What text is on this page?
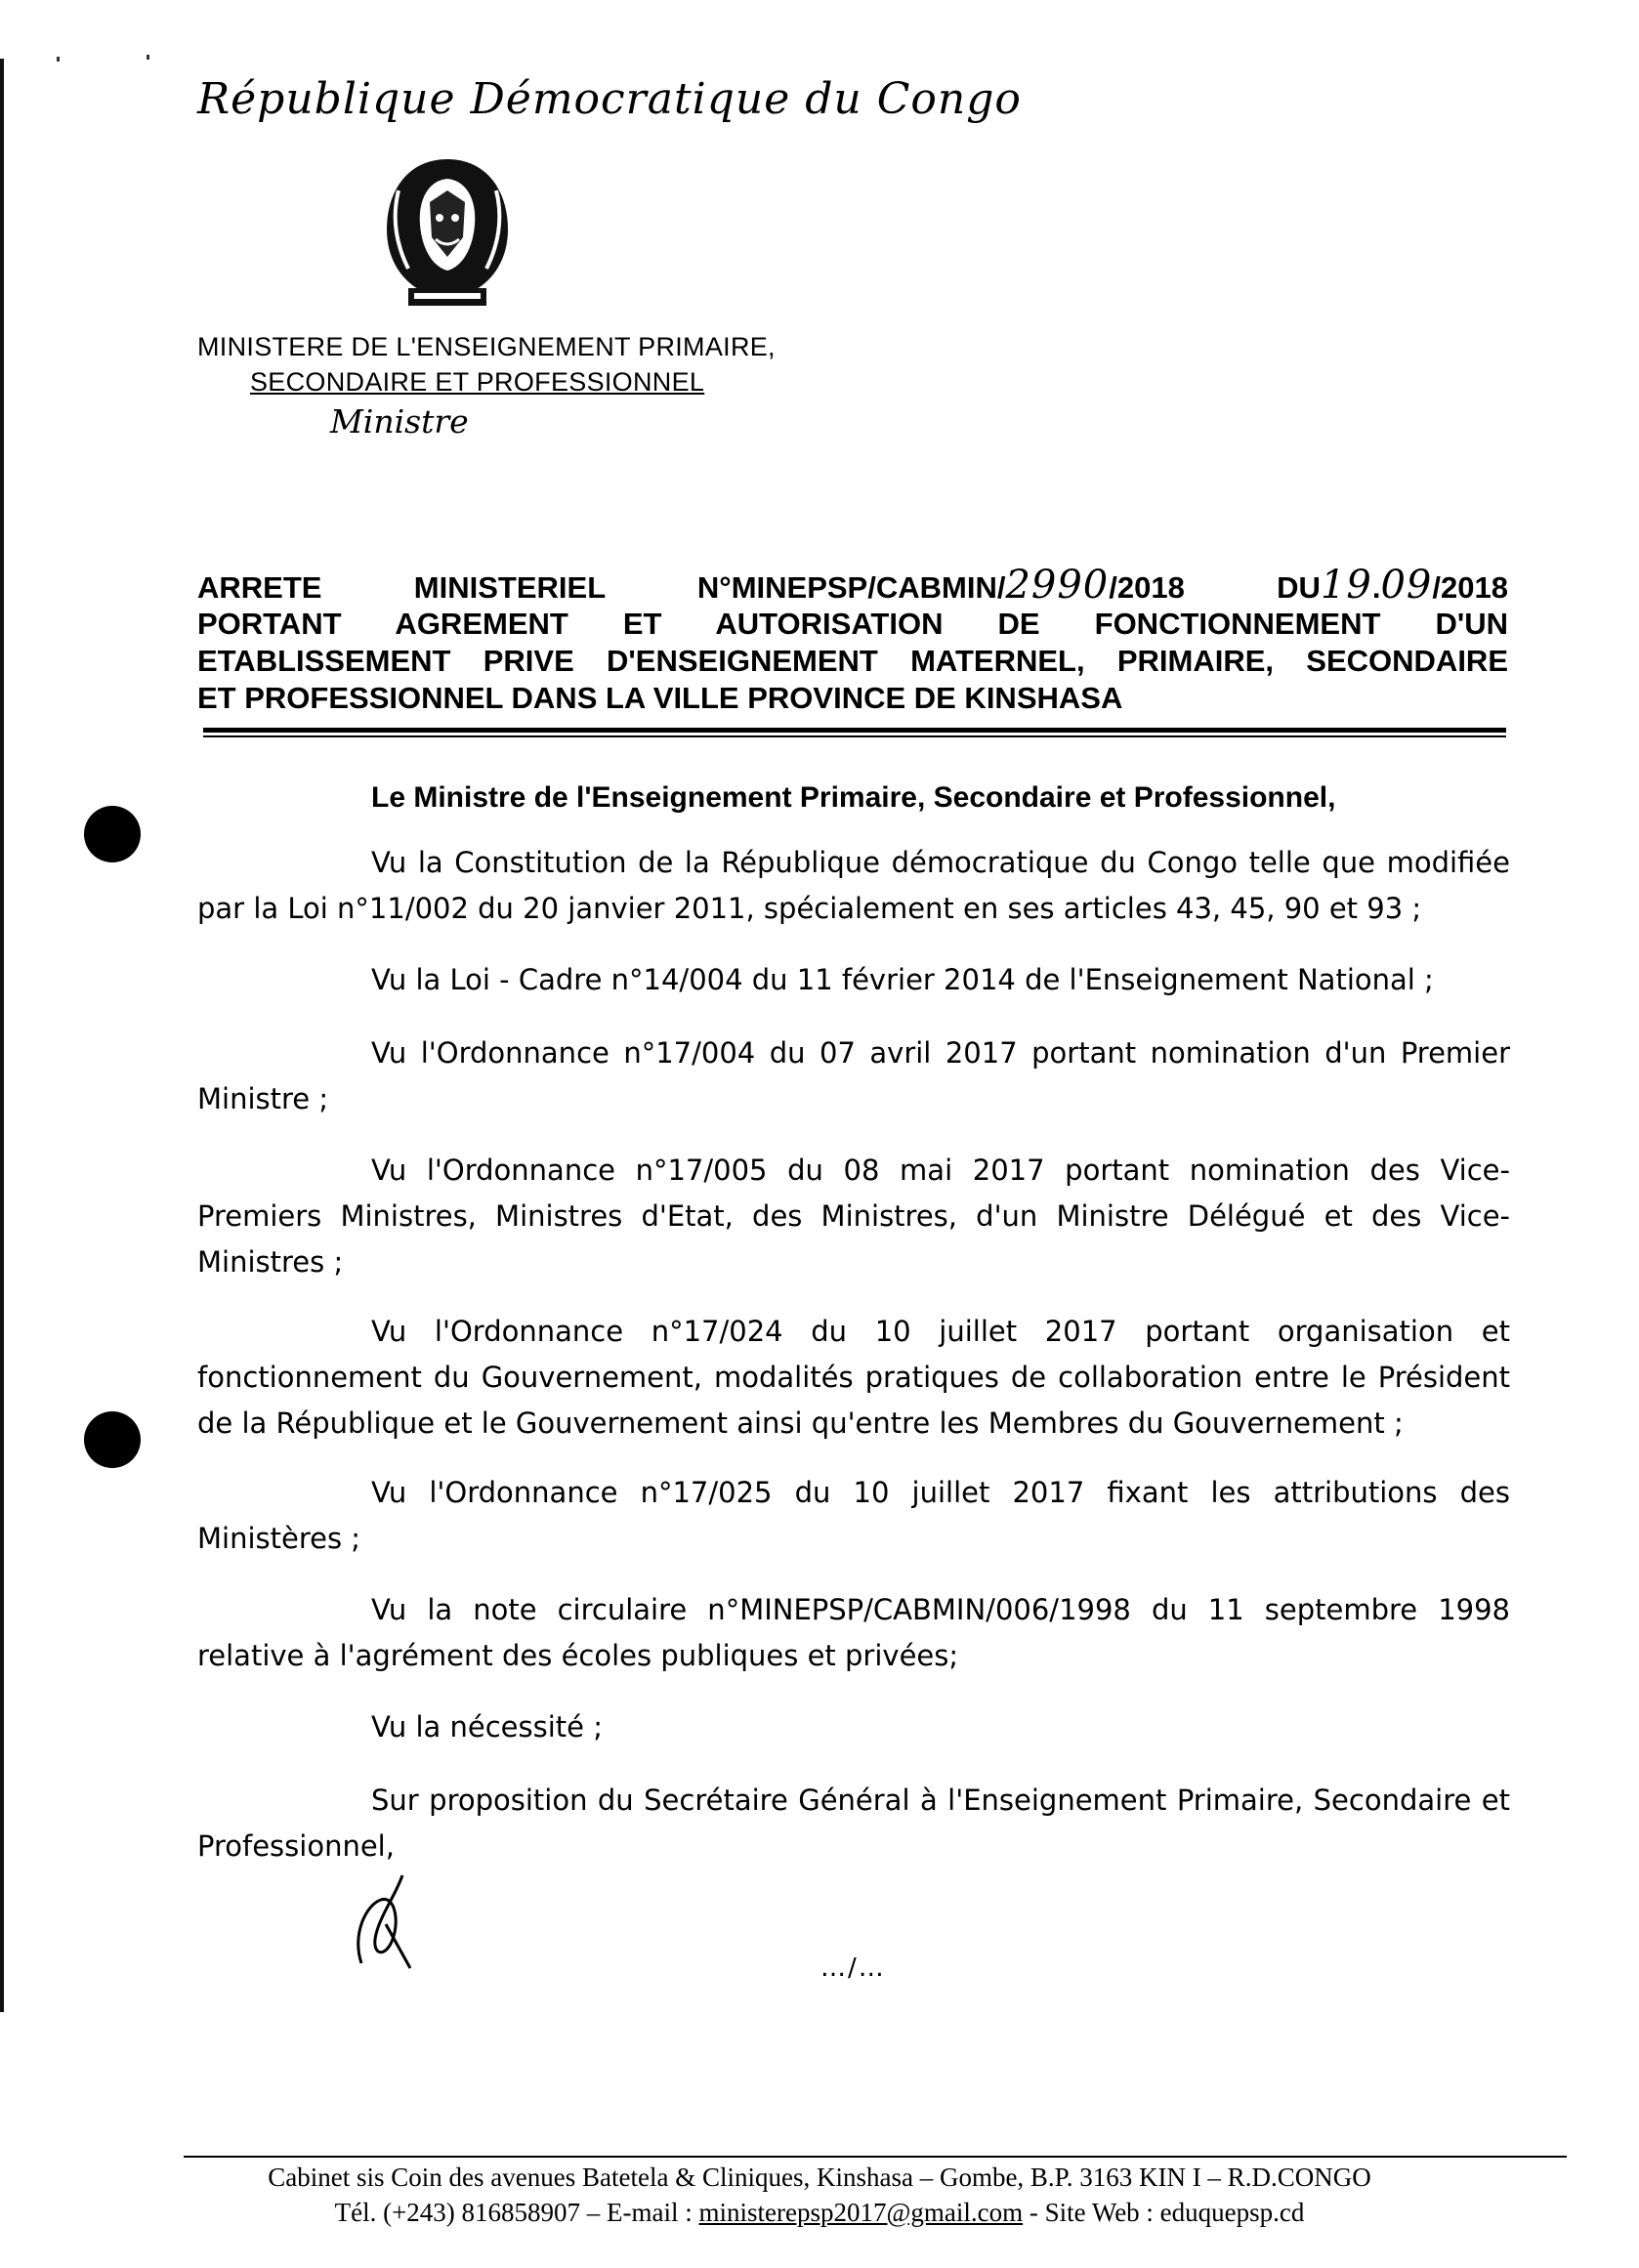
République Démocratique du Congo
MINISTERE DE L'ENSEIGNEMENT PRIMAIRE,
SECONDAIRE ET PROFESSIONNEL
Ministre
ARRETE	MINISTERIEL	N°MINEPSP/CABMIN/2990/2018	DU19.09/2018
PORTANT AGREMENT ET AUTORISATION DE FONCTIONNEMENT D'UN
ETABLISSEMENT PRIVE D'ENSEIGNEMENT MATERNEL, PRIMAIRE, SECONDAIRE
ET PROFESSIONNEL DANS LA VILLE PROVINCE DE KINSHASA
Le Ministre de l'Enseignement Primaire, Secondaire et Professionnel,

Vu la Constitution de la République démocratique du Congo telle que modifiée par la Loi n°11/002 du 20 janvier 2011, spécialement en ses articles 43, 45, 90 et 93 ;

Vu la Loi - Cadre n°14/004 du 11 février 2014 de l'Enseignement National ;

Vu l'Ordonnance n°17/004 du 07 avril 2017 portant nomination d'un Premier Ministre ;

Vu l'Ordonnance n°17/005 du 08 mai 2017 portant nomination des Vice-Premiers Ministres, Ministres d'Etat, des Ministres, d'un Ministre Délégué et des Vice-Ministres ;

Vu l'Ordonnance n°17/024 du 10 juillet 2017 portant organisation et fonctionnement du Gouvernement, modalités pratiques de collaboration entre le Président de la République et le Gouvernement ainsi qu'entre les Membres du Gouvernement ;

Vu l'Ordonnance n°17/025 du 10 juillet 2017 fixant les attributions des Ministères ;

Vu la note circulaire n°MINEPSP/CABMIN/006/1998 du 11 septembre 1998 relative à l'agrément des écoles publiques et privées;

Vu la nécessité ;

Sur proposition du Secrétaire Général à l'Enseignement Primaire, Secondaire et Professionnel,

…/…
Cabinet sis Coin des avenues Batetela & Cliniques, Kinshasa – Gombe, B.P. 3163 KIN I – R.D.CONGO
Tél. (+243) 816858907 – E-mail : ministerepsp2017@gmail.com - Site Web : eduquepsp.cd
